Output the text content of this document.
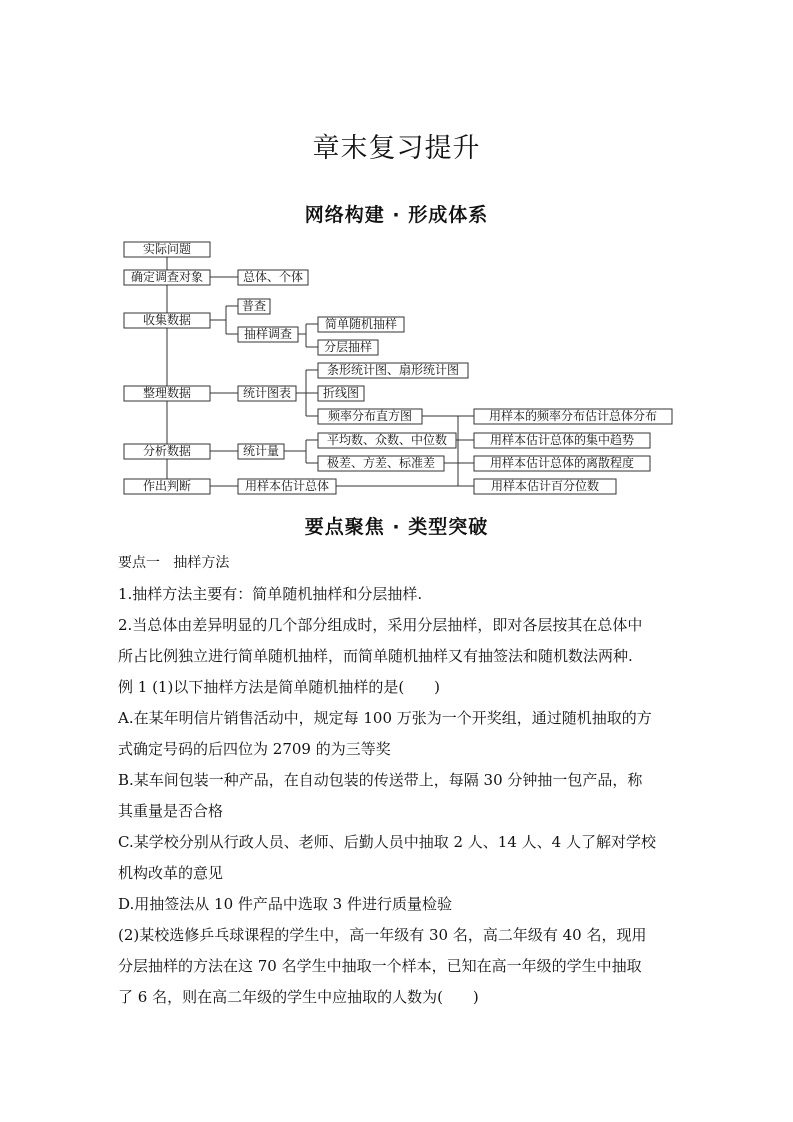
章末复习提升
网络构建 · 形成体系
实际问题
确定调查对象
收集数据
整理数据
分析数据
作出判断
总体、个体
普查
抽样调查
统计图表
统计量
用样本估计总体
简单随机抽样
分层抽样
条形统计图、扇形统计图
折线图
频率分布直方图
平均数、众数、中位数
极差、方差、标准差
用样本的频率分布估计总体分布
用样本估计总体的集中趋势
用样本估计总体的离散程度
用样本估计百分位数
要点聚焦 · 类型突破

要点一 抽样方法

1.抽样方法主要有：简单随机抽样和分层抽样.

2.当总体由差异明显的几个部分组成时，采用分层抽样，即对各层按其在总体中

所占比例独立进行简单随机抽样，而简单随机抽样又有抽签法和随机数法两种.

例 1 (1)以下抽样方法是简单随机抽样的是(　　)

A.在某年明信片销售活动中，规定每 100 万张为一个开奖组，通过随机抽取的方

式确定号码的后四位为 2709 的为三等奖

B.某车间包装一种产品，在自动包装的传送带上，每隔 30 分钟抽一包产品，称

其重量是否合格

C.某学校分别从行政人员、老师、后勤人员中抽取 2 人、14 人、4 人了解对学校

机构改革的意见

D.用抽签法从 10 件产品中选取 3 件进行质量检验

(2)某校选修乒乓球课程的学生中，高一年级有 30 名，高二年级有 40 名，现用

分层抽样的方法在这 70 名学生中抽取一个样本，已知在高一年级的学生中抽取

了 6 名，则在高二年级的学生中应抽取的人数为(　　)
